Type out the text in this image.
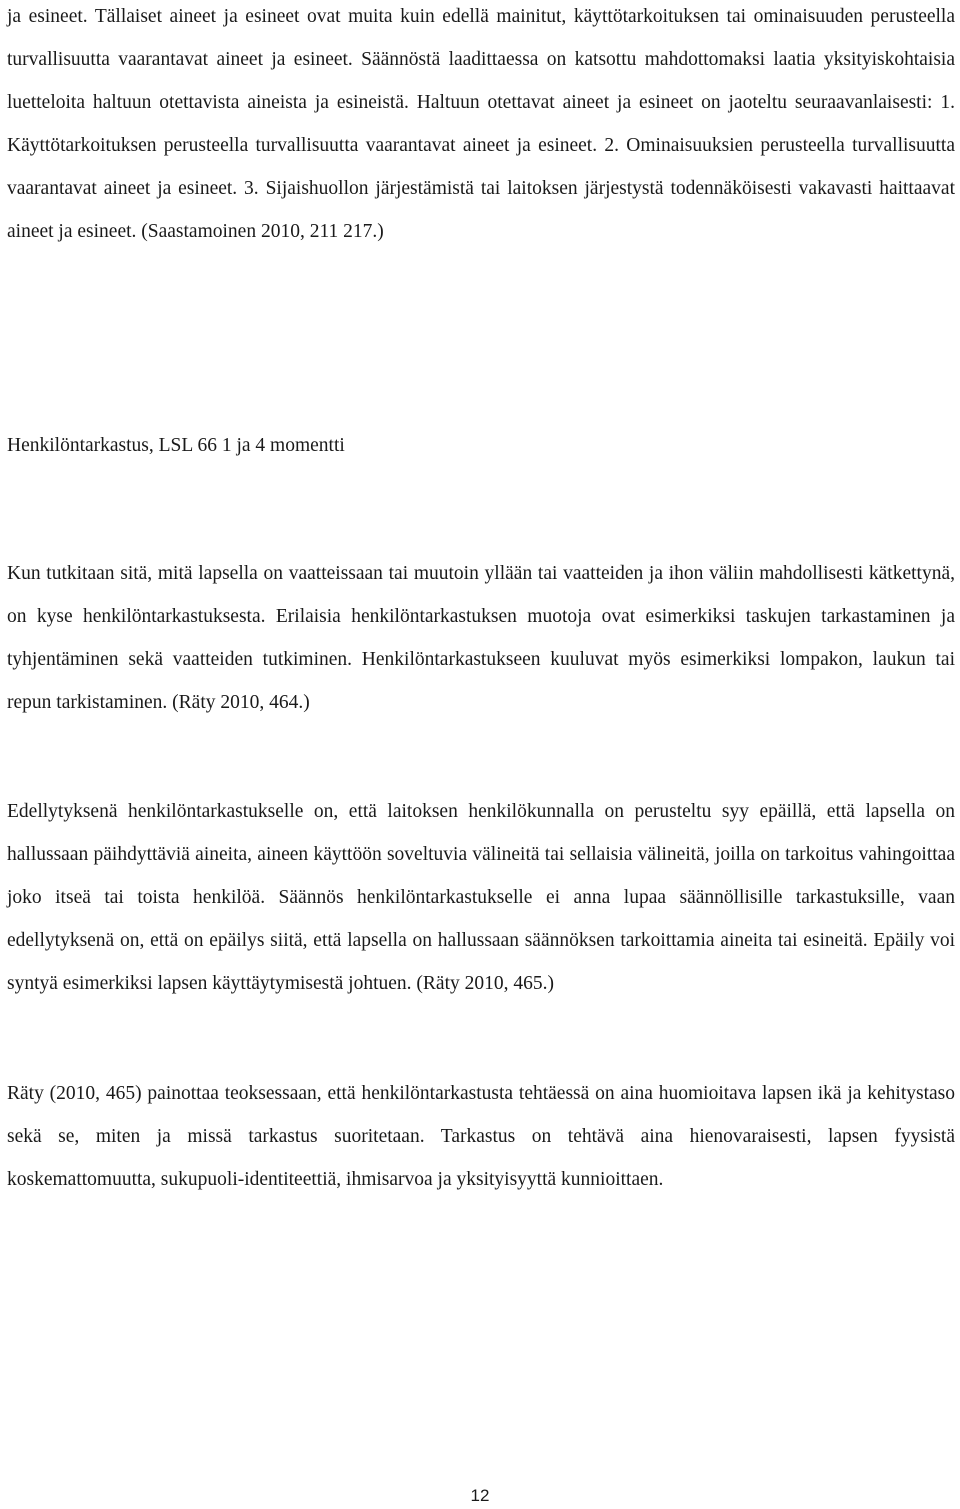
ja esineet. Tällaiset aineet ja esineet ovat muita kuin edellä mainitut, käyttötarkoituksen tai ominaisuuden perusteella turvallisuutta vaarantavat aineet ja esineet. Säännöstä laadittaessa on katsottu mahdottomaksi laatia yksityiskohtaisia luetteloita haltuun otettavista aineista ja esineistä. Haltuun otettavat aineet ja esineet on jaoteltu seuraavanlaisesti: 1. Käyttötarkoituksen perusteella turvallisuutta vaarantavat aineet ja esineet. 2. Ominaisuuksien perusteella turvallisuutta vaarantavat aineet ja esineet. 3. Sijaishuollon järjestämistä tai laitoksen järjestystä todennäköisesti vakavasti haittaavat aineet ja esineet. (Saastamoinen 2010, 211 217.)

Henkilöntarkastus, LSL 66 1 ja 4 momentti

Kun tutkitaan sitä, mitä lapsella on vaatteissaan tai muutoin yllään tai vaatteiden ja ihon väliin mahdollisesti kätkettynä, on kyse henkilöntarkastuksesta. Erilaisia henkilöntarkastuksen muotoja ovat esimerkiksi taskujen tarkastaminen ja tyhjentäminen sekä vaatteiden tutkiminen. Henkilöntarkastukseen kuuluvat myös esimerkiksi lompakon, laukun tai repun tarkistaminen. (Räty 2010, 464.)

Edellytyksenä henkilöntarkastukselle on, että laitoksen henkilökunnalla on perusteltu syy epäillä, että lapsella on hallussaan päihdyttäviä aineita, aineen käyttöön soveltuvia välineitä tai sellaisia välineitä, joilla on tarkoitus vahingoittaa joko itseä tai toista henkilöä. Säännös henkilöntarkastukselle ei anna lupaa säännöllisille tarkastuksille, vaan edellytyksenä on, että on epäilys siitä, että lapsella on hallussaan säännöksen tarkoittamia aineita tai esineitä. Epäily voi syntyä esimerkiksi lapsen käyttäytymisestä johtuen. (Räty 2010, 465.)

Räty (2010, 465) painottaa teoksessaan, että henkilöntarkastusta tehtäessä on aina huomioitava lapsen ikä ja kehitystaso sekä se, miten ja missä tarkastus suoritetaan. Tarkastus on tehtävä aina hienovaraisesti, lapsen fyysistä koskemattomuutta, sukupuoli-identiteettiä, ihmisarvoa ja yksityisyyttä kunnioittaen.

12
